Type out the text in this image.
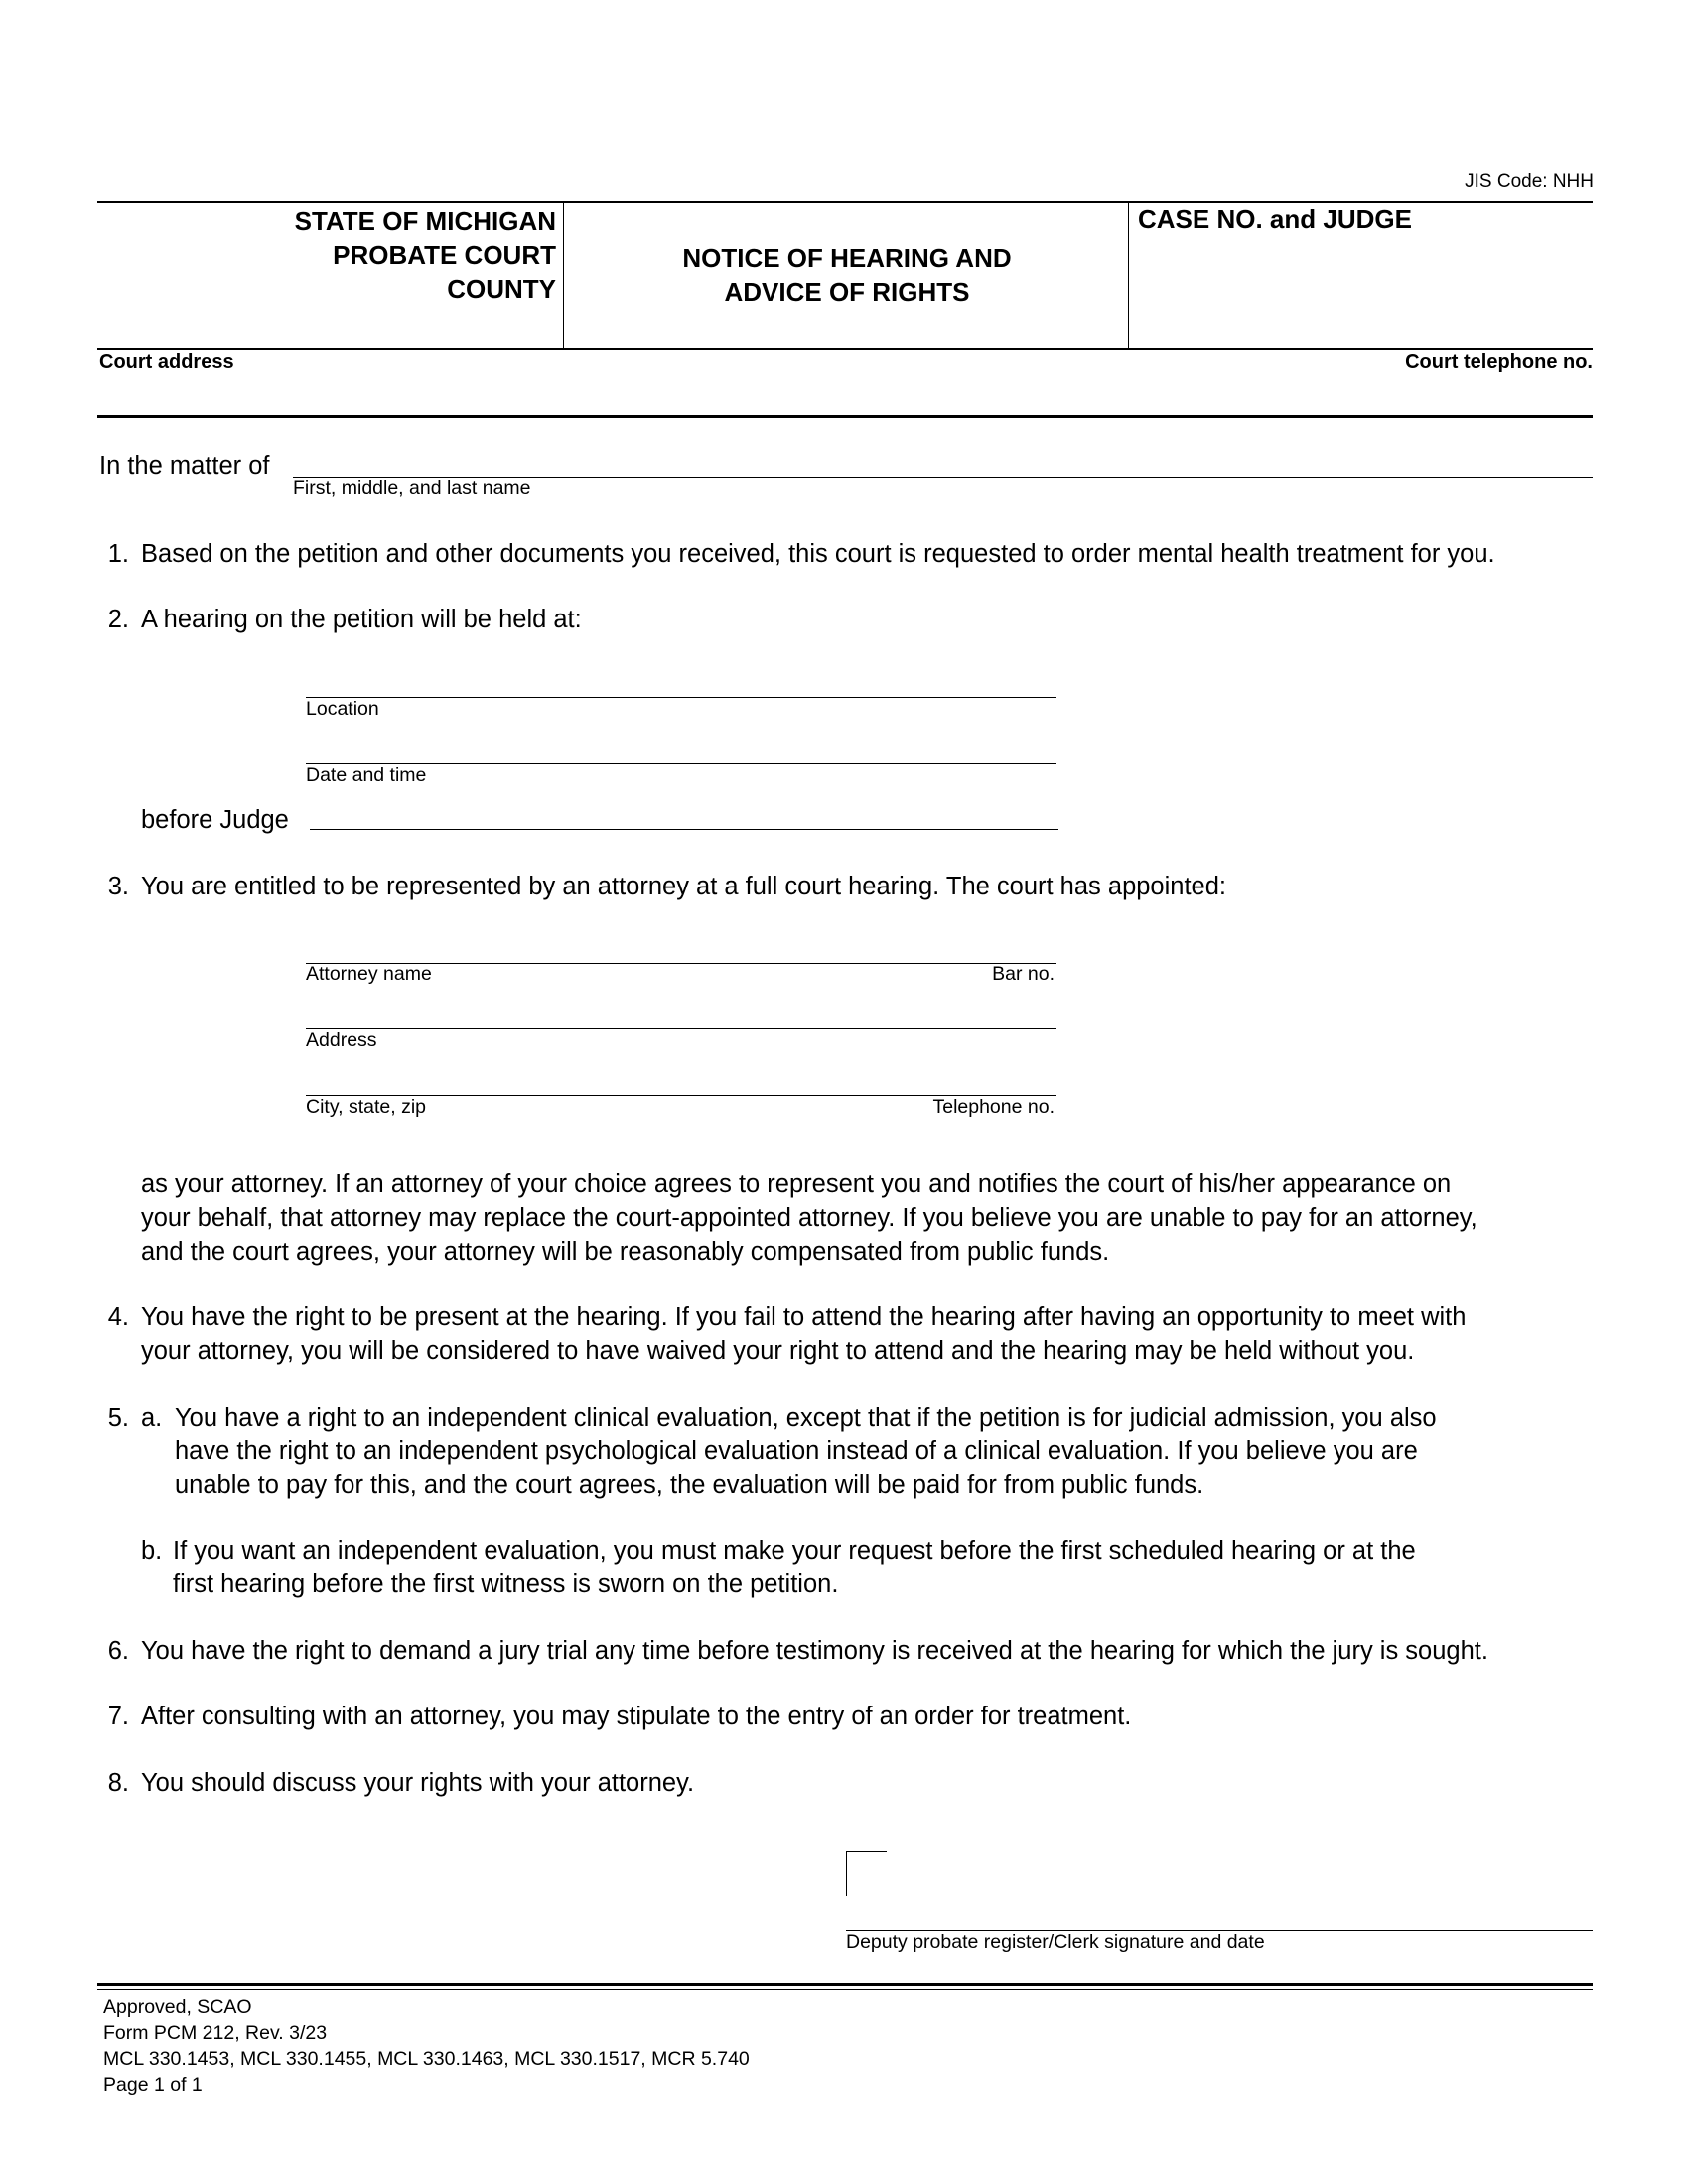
JIS Code: NHH
STATE OF MICHIGAN
PROBATE COURT
COUNTY
NOTICE OF HEARING AND
ADVICE OF RIGHTS
CASE NO. and JUDGE
Court address	Court telephone no.
In the matter of
First, middle, and last name
1. Based on the petition and other documents you received, this court is requested to order mental health treatment for you.
2. A hearing on the petition will be held at:
Location
Date and time
before Judge
3. You are entitled to be represented by an attorney at a full court hearing. The court has appointed:
Attorney name	Bar no.
Address
City, state, zip	Telephone no.
as your attorney. If an attorney of your choice agrees to represent you and notifies the court of his/her appearance on
your behalf, that attorney may replace the court-appointed attorney. If you believe you are unable to pay for an attorney,
and the court agrees, your attorney will be reasonably compensated from public funds.
4. You have the right to be present at the hearing. If you fail to attend the hearing after having an opportunity to meet with
your attorney, you will be considered to have waived your right to attend and the hearing may be held without you.
5. a. You have a right to an independent clinical evaluation, except that if the petition is for judicial admission, you also
have the right to an independent psychological evaluation instead of a clinical evaluation. If you believe you are
unable to pay for this, and the court agrees, the evaluation will be paid for from public funds.
b. If you want an independent evaluation, you must make your request before the first scheduled hearing or at the
first hearing before the first witness is sworn on the petition.
6. You have the right to demand a jury trial any time before testimony is received at the hearing for which the jury is sought.
7. After consulting with an attorney, you may stipulate to the entry of an order for treatment.
8. You should discuss your rights with your attorney.
Deputy probate register/Clerk signature and date
Approved, SCAO
Form PCM 212, Rev. 3/23
MCL 330.1453, MCL 330.1455, MCL 330.1463, MCL 330.1517, MCR 5.740
Page 1 of 1
